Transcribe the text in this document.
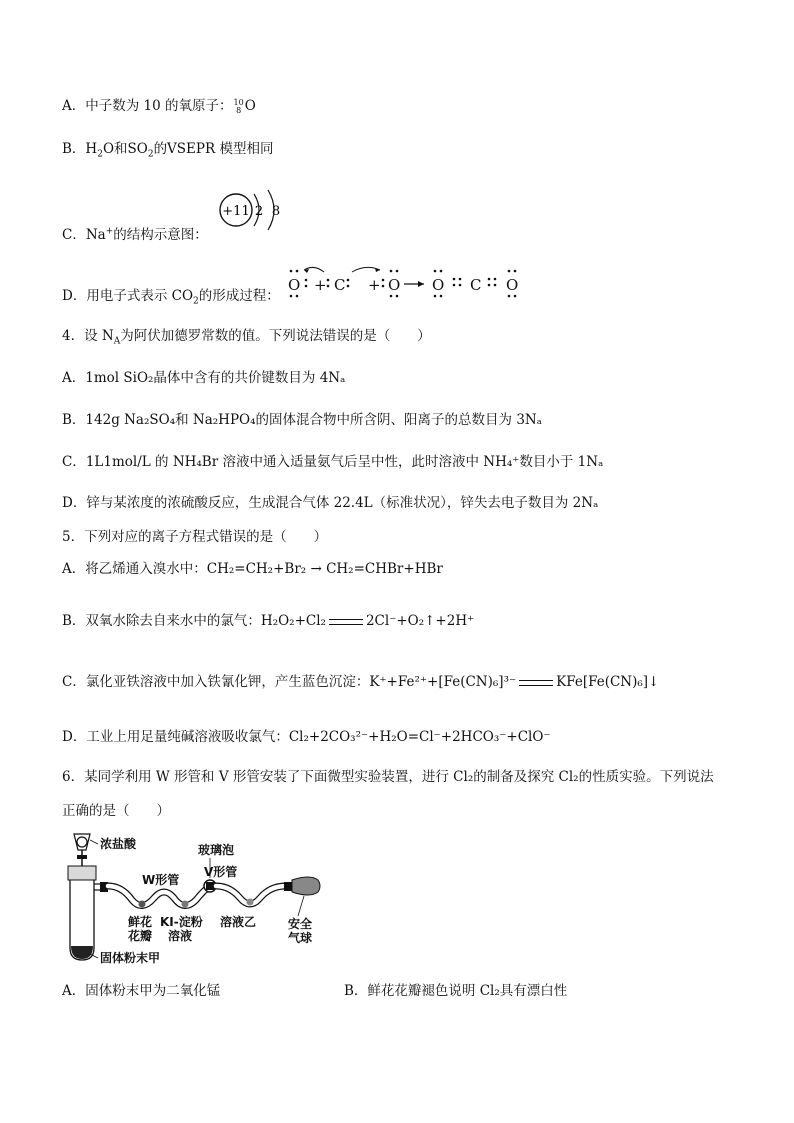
A．中子数为 10 的氧原子： 10
8 O
B．$H_2O$和$SO_2$的VSEPR 模型相同
C．Na+的结构示意图：
+11 2 8
D．用电子式表示 $CO_2$的形成过程：
O C	O O C O
+	+
4．设 $N_A$为阿伏加德罗常数的值。下列说法错误的是（　　）
A．1mol SiO₂晶体中含有的共价键数目为 4Nₐ
B．142g Na₂SO₄和 Na₂HPO₄的固体混合物中所含阴、阳离子的总数目为 3Nₐ
C．1L1mol/L 的 NH₄Br 溶液中通入适量氨气后呈中性，此时溶液中 NH₄⁺数目小于 1Nₐ
D．锌与某浓度的浓硫酸反应，生成混合气体 22.4L（标准状况），锌失去电子数目为 2Nₐ
5．下列对应的离子方程式错误的是（　　）
A．将乙烯通入溴水中：CH₂=CH₂+Br₂ → CH₂=CHBr+HBr
B．双氧水除去自来水中的氯气：H₂O₂+Cl₂	2Cl⁻+O₂↑+2H⁺
C．氯化亚铁溶液中加入铁氰化钾，产生蓝色沉淀：K⁺+Fe²⁺+[Fe(CN)₆]³⁻	KFe[Fe(CN)₆]↓
D．工业上用足量纯碱溶液吸收氯气：Cl₂+2CO₃²⁻+H₂O=Cl⁻+2HCO₃⁻+ClO⁻
6．某同学利用 W 形管和 V 形管安装了下面微型实验装置，进行 Cl₂的制备及探究 Cl₂的性质实验。下列说法
正确的是（　　）
浓盐酸	玻璃泡
W形管
V形管
鲜花
花瓣
KI-淀粉
溶液
溶液乙	安全
气球
固体粉末甲
A．固体粉末甲为二氧化锰	B．鲜花花瓣褪色说明 Cl₂具有漂白性
